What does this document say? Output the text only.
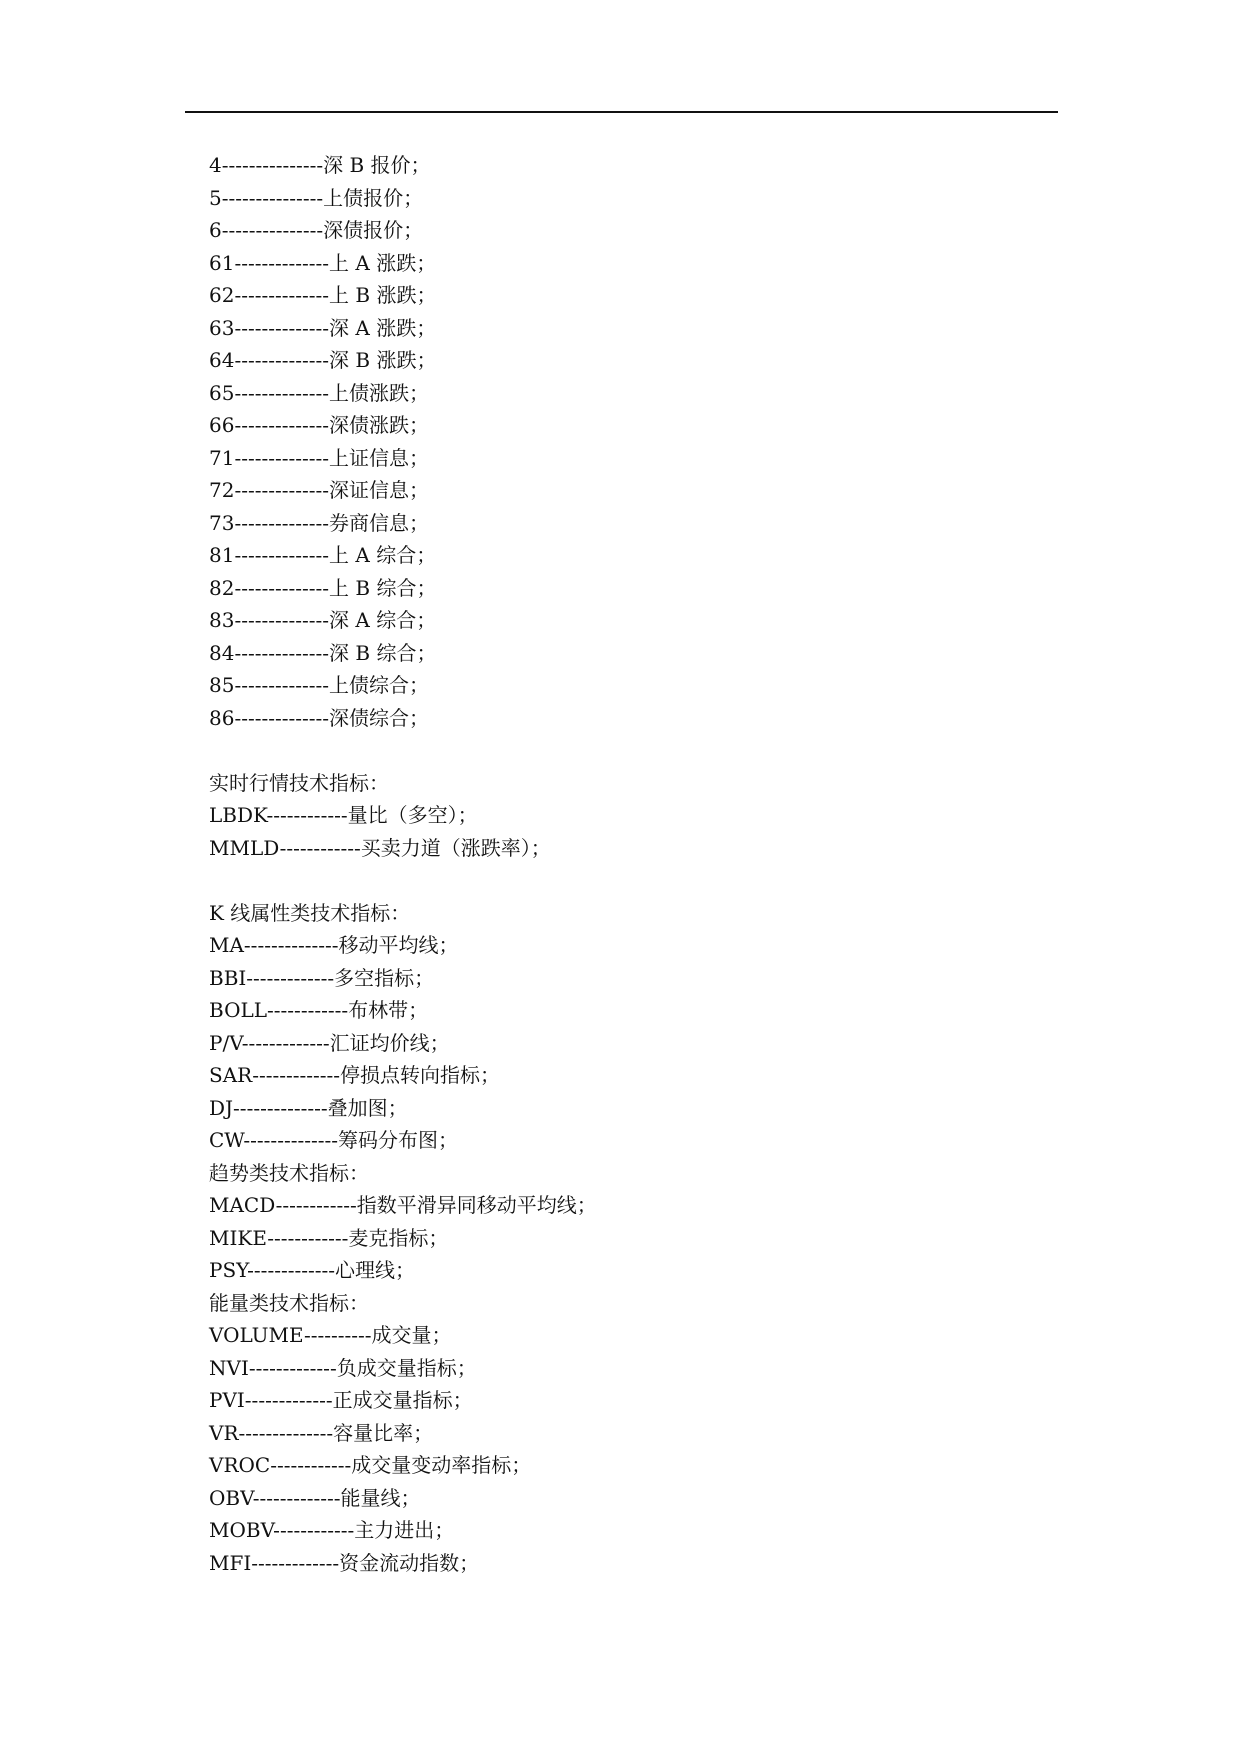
4---------------深 B 报价；
5---------------上债报价；
6---------------深债报价；
61--------------上 A 涨跌；
62--------------上 B 涨跌；
63--------------深 A 涨跌；
64--------------深 B 涨跌；
65--------------上债涨跌；
66--------------深债涨跌；
71--------------上证信息；
72--------------深证信息；
73--------------券商信息；
81--------------上 A 综合；
82--------------上 B 综合；
83--------------深 A 综合；
84--------------深 B 综合；
85--------------上债综合；
86--------------深债综合；
实时行情技术指标：
LBDK------------量比（多空）；
MMLD------------买卖力道（涨跌率）；
K 线属性类技术指标：
MA--------------移动平均线；
BBI-------------多空指标；
BOLL------------布林带；
P/V-------------汇证均价线；
SAR-------------停损点转向指标；
DJ--------------叠加图；
CW--------------筹码分布图；
趋势类技术指标：
MACD------------指数平滑异同移动平均线；
MIKE------------麦克指标；
PSY-------------心理线；
能量类技术指标：
VOLUME----------成交量；
NVI-------------负成交量指标；
PVI-------------正成交量指标；
VR--------------容量比率；
VROC------------成交量变动率指标；
OBV-------------能量线；
MOBV------------主力进出；
MFI-------------资金流动指数；
